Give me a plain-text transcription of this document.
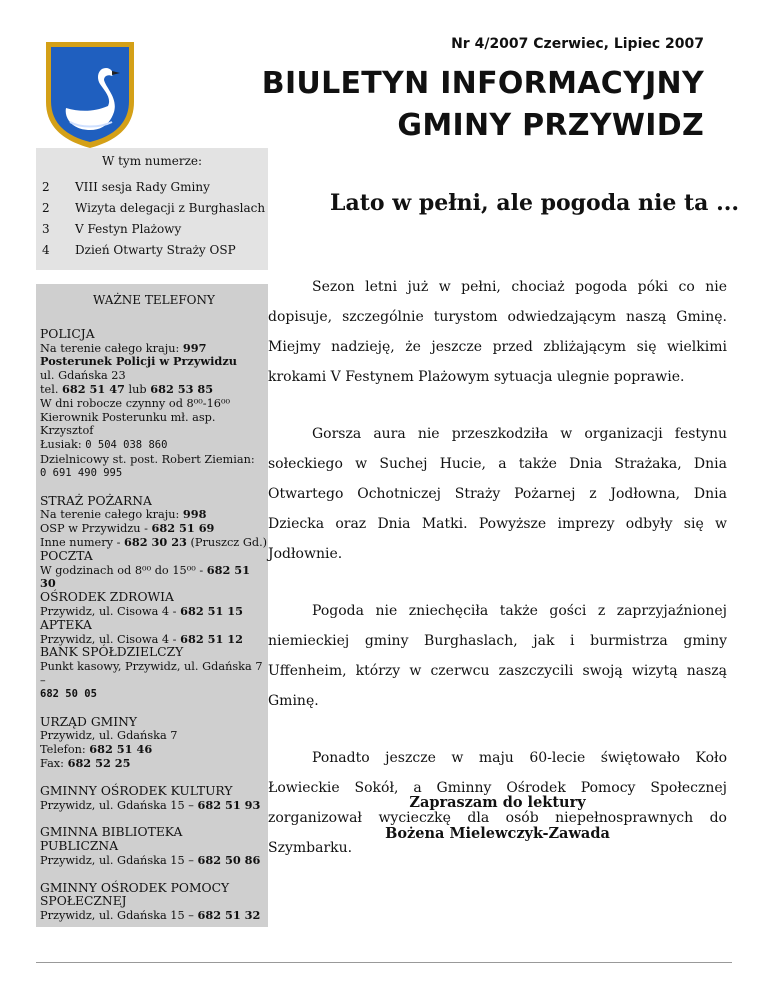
Nr 4/2007 Czerwiec, Lipiec 2007
BIULETYN INFORMACYJNY
GMINY PRZYWIDZ
W tym numerze:
2	VIII sesja Rady Gminy
2	Wizyta delegacji z Burghaslach
3	V Festyn Plażowy
4	Dzień Otwarty Straży OSP
WAŻNE TELEFONY
POLICJA
Na terenie całego kraju: 997
Posterunek Policji w Przywidzu
ul. Gdańska 23
tel. 682 51 47 lub 682 53 85
W dni robocze czynny od 8⁰⁰-16⁰⁰
Kierownik Posterunku mł. asp. Krzysztof
Łusiak: 0 504 038 860
Dzielnicowy st. post. Robert Ziemian:
0 691 490 995
STRAŻ POŻARNA
Na terenie całego kraju: 998
OSP w Przywidzu - 682 51 69
Inne numery - 682 30 23 (Pruszcz Gd.)
POCZTA
W godzinach od 8⁰⁰ do 15⁰⁰ - 682 51 30
OŚRODEK ZDROWIA
Przywidz, ul. Cisowa 4 - 682 51 15
APTEKA
Przywidz, ul. Cisowa 4 - 682 51 12
BANK SPÓŁDZIELCZY
Punkt kasowy, Przywidz, ul. Gdańska 7 –
682 50 05
URZĄD GMINY
Przywidz, ul. Gdańska 7
Telefon: 682 51 46
Fax: 682 52 25
GMINNY OŚRODEK KULTURY
Przywidz, ul. Gdańska 15 – 682 51 93
GMINNA BIBLIOTEKA
PUBLICZNA
Przywidz, ul. Gdańska 15 – 682 50 86
GMINNY OŚRODEK POMOCY
SPOŁECZNEJ
Przywidz, ul. Gdańska 15 – 682 51 32
Lato w pełni, ale pogoda nie ta ...

Sezon letni już w pełni, chociaż pogoda póki co nie dopisuje, szczególnie turystom odwiedzającym naszą Gminę. Miejmy nadzieję, że jeszcze przed zbliżającym się wielkimi krokami V Festynem Plażowym sytuacja ulegnie poprawie.

Gorsza aura nie przeszkodziła w organizacji festynu sołeckiego w Suchej Hucie, a także Dnia Strażaka, Dnia Otwartego Ochotniczej Straży Pożarnej z Jodłowna, Dnia Dziecka oraz Dnia Matki. Powyższe imprezy odbyły się w Jodłownie.

Pogoda nie zniechęciła także gości z zaprzyjaźnionej niemieckiej gminy Burghaslach, jak i burmistrza gminy Uffenheim, którzy w czerwcu zaszczycili swoją wizytą naszą Gminę.

Ponadto jeszcze w maju 60-lecie świętowało Koło Łowieckie Sokół, a Gminny Ośrodek Pomocy Społecznej zorganizował wycieczkę dla osób niepełnosprawnych do Szymbarku.

Zapraszam do lektury
Bożena Mielewczyk-Zawada
